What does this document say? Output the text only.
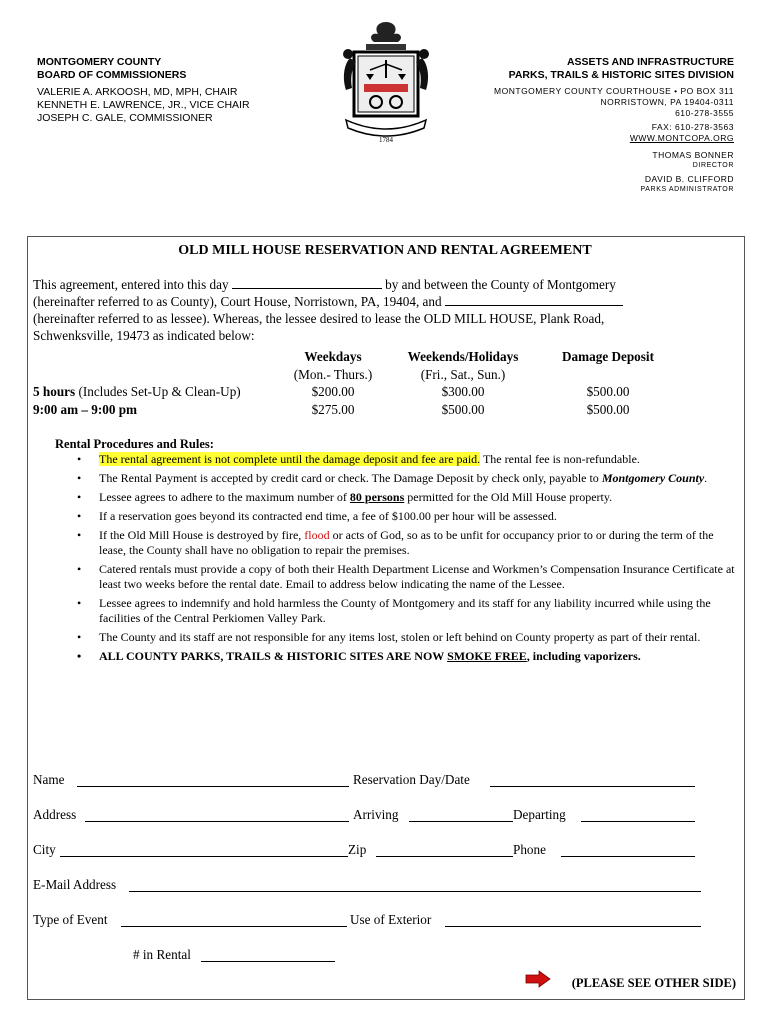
MONTGOMERY COUNTY
BOARD OF COMMISSIONERS
VALERIE A. ARKOOSH, MD, MPH, CHAIR
KENNETH E. LAWRENCE, JR., VICE CHAIR
JOSEPH C. GALE, COMMISSIONER
1784
ASSETS AND INFRASTRUCTURE
PARKS, TRAILS & HISTORIC SITES DIVISION
MONTGOMERY COUNTY COURTHOUSE • PO BOX 311
NORRISTOWN, PA 19404-0311
610-278-3555
FAX: 610-278-3563
WWW.MONTCOPA.ORG
THOMAS BONNER
DIRECTOR
DAVID B. CLIFFORD
PARKS ADMINISTRATOR
OLD MILL HOUSE RESERVATION AND RENTAL AGREEMENT
This agreement, entered into this day	by and between the County of Montgomery
(hereinafter referred to as County), Court House, Norristown, PA, 19404, and
(hereinafter referred to as lessee). Whereas, the lessee desired to lease the OLD MILL HOUSE, Plank Road,
Schwenksville, 19473 as indicated below:
Weekdays
(Mon.- Thurs.)
Weekends/Holidays
(Fri., Sat., Sun.)
Damage Deposit
5 hours (Includes Set-Up & Clean-Up)	$200.00	$300.00	$500.00
9:00 am – 9:00 pm	$275.00	$500.00	$500.00
Rental Procedures and Rules:
• The rental agreement is not complete until the damage deposit and fee are paid. The rental fee is non-refundable.
• The Rental Payment is accepted by credit card or check. The Damage Deposit by check only, payable to Montgomery County.
• Lessee agrees to adhere to the maximum number of 80 persons permitted for the Old Mill House property.
• If a reservation goes beyond its contracted end time, a fee of $100.00 per hour will be assessed.
• If the Old Mill House is destroyed by fire, flood or acts of God, so as to be unfit for occupancy prior to or during the term of the lease, the County shall have no obligation to repair the premises.
• Catered rentals must provide a copy of both their Health Department License and Workmen’s Compensation Insurance Certificate at least two weeks before the rental date. Email to address below indicating the name of the Lessee.
• Lessee agrees to indemnify and hold harmless the County of Montgomery and its staff for any liability incurred while using the facilities of the Central Perkiomen Valley Park.
• The County and its staff are not responsible for any items lost, stolen or left behind on County property as part of their rental.
• ALL COUNTY PARKS, TRAILS & HISTORIC SITES ARE NOW SMOKE FREE, including vaporizers.
Name	Reservation Day/Date
Address	Arriving	Departing
City	Zip	Phone
E-Mail Address
Type of Event	Use of Exterior
# in Rental
(PLEASE SEE OTHER SIDE)
